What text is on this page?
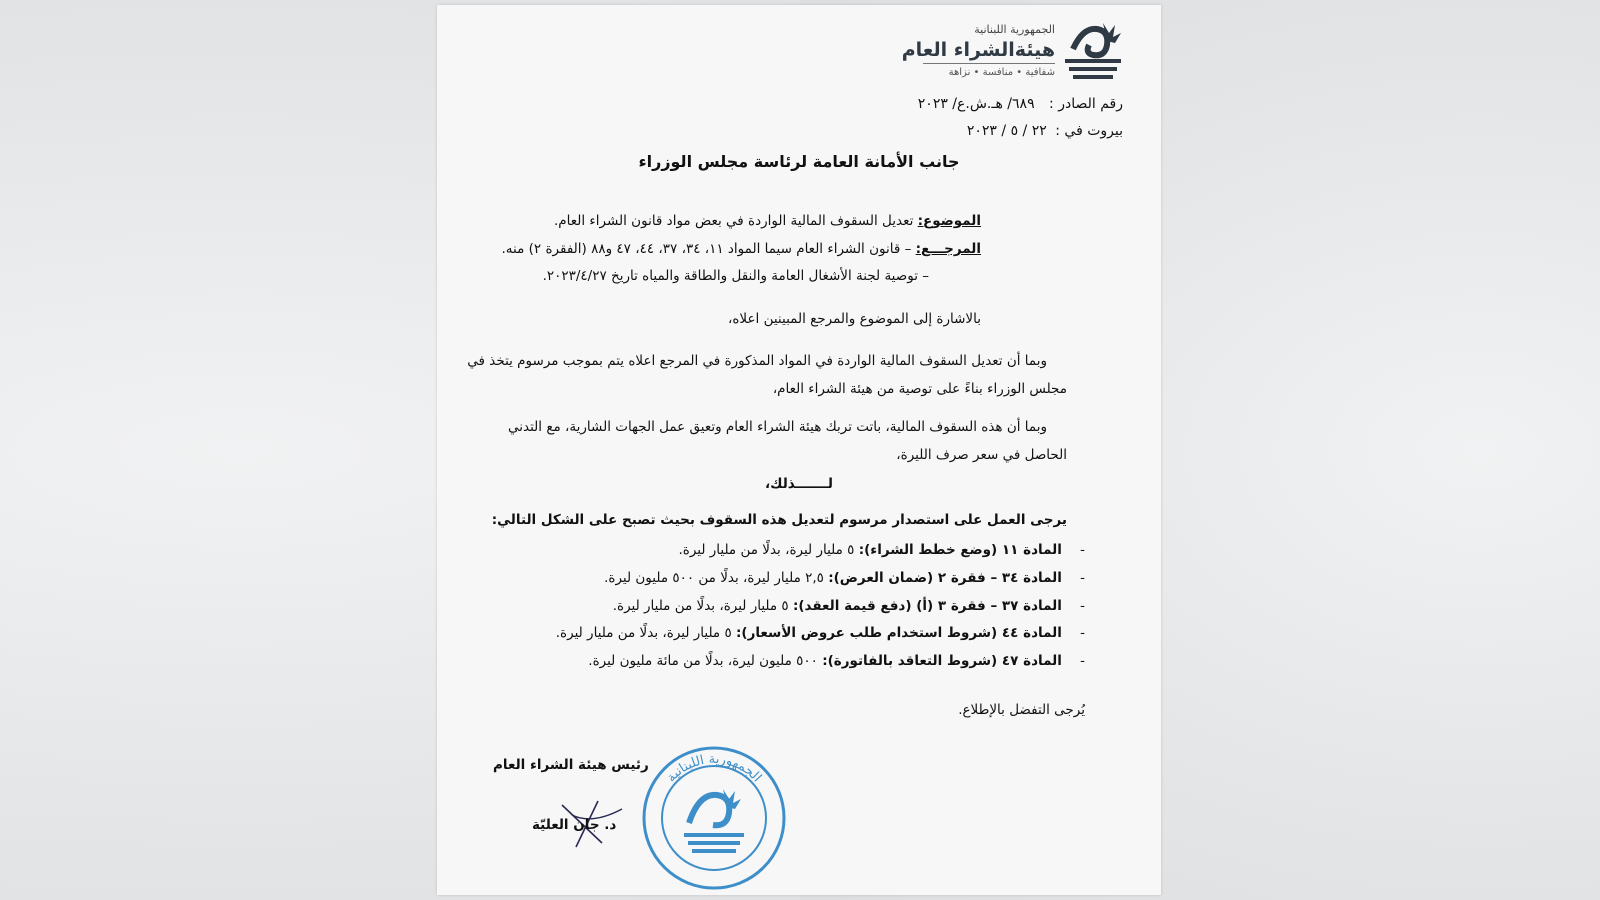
الجمهورية اللبنانية
هيئةالشراء العام
شفافية • منافسة • نزاهة
رقم الصادر : ٦٨٩/ هـ.ش.ع/ ٢٠٢٣
بيروت في : ٢٢ / ٥ / ٢٠٢٣
جانب الأمانة العامة لرئاسة مجلس الوزراء
الموضوع: تعديل السقوف المالية الواردة في بعض مواد قانون الشراء العام.
المرجـــع: – قانون الشراء العام سيما المواد ١١، ٣٤، ٣٧، ٤٤، ٤٧ و٨٨ (الفقرة ٢) منه.
– توصية لجنة الأشغال العامة والنقل والطاقة والمياه تاريخ ٢٠٢٣/٤/٢٧.
بالاشارة إلى الموضوع والمرجع المبينين اعلاه،
وبما أن تعديل السقوف المالية الواردة في المواد المذكورة في المرجع اعلاه يتم بموجب مرسوم يتخذ في
مجلس الوزراء بناءً على توصية من هيئة الشراء العام،
وبما أن هذه السقوف المالية، باتت تربك هيئة الشراء العام وتعيق عمل الجهات الشارية، مع التدني
الحاصل في سعر صرف الليرة،
لـــــــذلك،
يرجى العمل على استصدار مرسوم لتعديل هذه السقوف بحيث تصبح على الشكل التالي:
- المادة ١١ (وضع خطط الشراء): ٥ مليار ليرة، بدلًا من مليار ليرة.
- المادة ٣٤ – فقرة ٢ (ضمان العرض): ٢,٥ مليار ليرة، بدلًا من ٥٠٠ مليون ليرة.
- المادة ٣٧ – فقرة ٣ (أ) (دفع قيمة العقد): ٥ مليار ليرة، بدلًا من مليار ليرة.
- المادة ٤٤ (شروط استخدام طلب عروض الأسعار): ٥ مليار ليرة، بدلًا من مليار ليرة.
- المادة ٤٧ (شروط التعاقد بالفاتورة): ٥٠٠ مليون ليرة، بدلًا من مائة مليون ليرة.
يُرجى التفضل بالإطلاع.
الجمهورية اللبنانية
رئيس هيئة الشراء العام
د. جان العليّة
